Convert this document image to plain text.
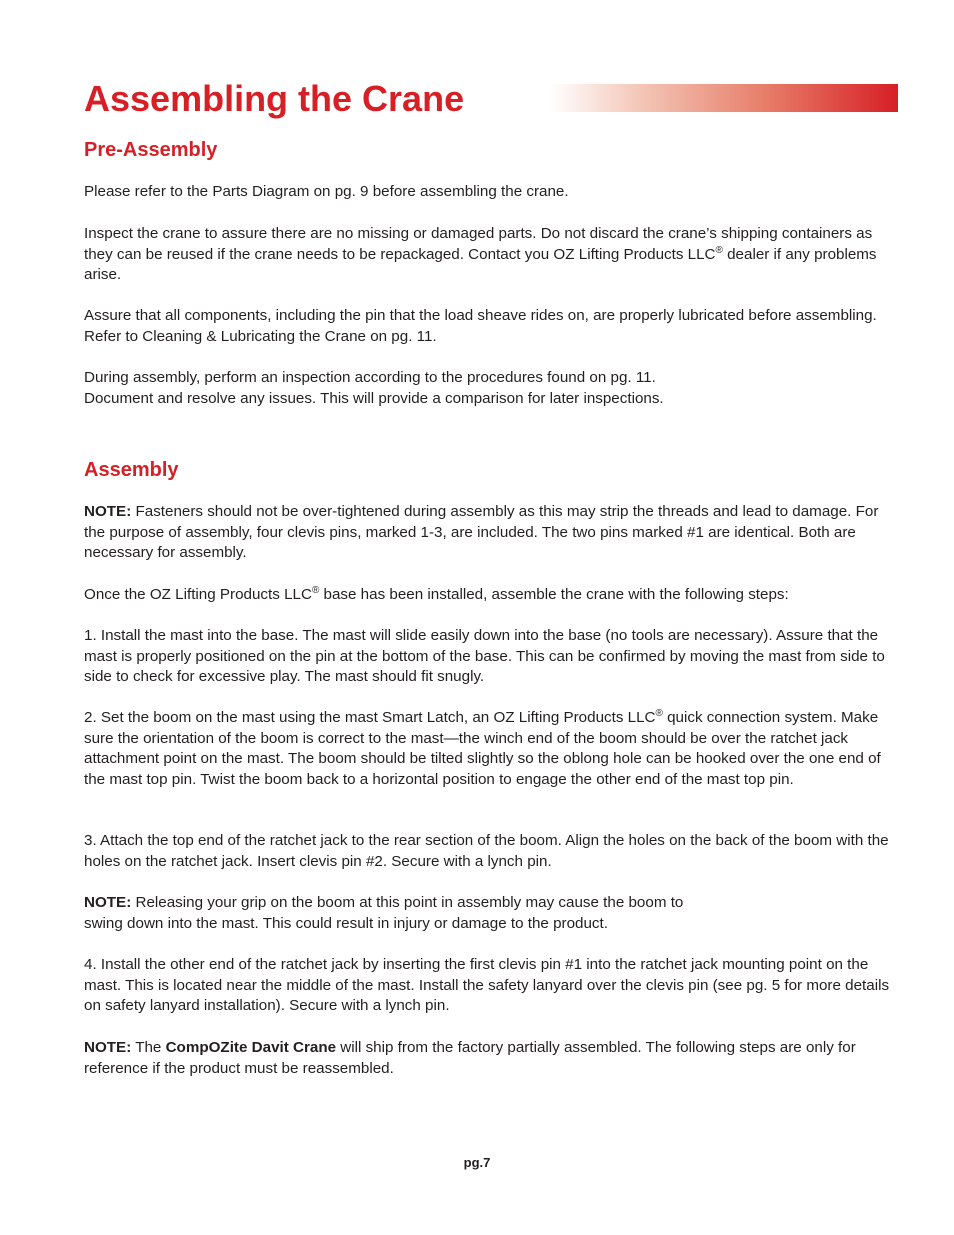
Assembling the Crane
Pre-Assembly

Please refer to the Parts Diagram on pg. 9 before assembling the crane.

Inspect the crane to assure there are no missing or damaged parts. Do not discard the crane’s shipping containers as they can be reused if the crane needs to be repackaged. Contact you OZ Lifting Products LLC® dealer if any problems arise.

Assure that all components, including the pin that the load sheave rides on, are properly lubricated before assembling. Refer to Cleaning & Lubricating the Crane on pg. 11.

During assembly, perform an inspection according to the procedures found on pg. 11.
Document and resolve any issues. This will provide a comparison for later inspections.

Assembly

NOTE: Fasteners should not be over-tightened during assembly as this may strip the threads and lead to damage. For the purpose of assembly, four clevis pins, marked 1-3, are included. The two pins marked #1 are identical. Both are necessary for assembly.

Once the OZ Lifting Products LLC® base has been installed, assemble the crane with the following steps:

1. Install the mast into the base. The mast will slide easily down into the base (no tools are necessary). Assure that the mast is properly positioned on the pin at the bottom of the base. This can be confirmed by moving the mast from side to side to check for excessive play. The mast should fit snugly.

2. Set the boom on the mast using the mast Smart Latch, an OZ Lifting Products LLC® quick connection system. Make sure the orientation of the boom is correct to the mast—the winch end of the boom should be over the ratchet jack attachment point on the mast. The boom should be tilted slightly so the oblong hole can be hooked over the one end of the mast top pin. Twist the boom back to a horizontal position to engage the other end of the mast top pin.

3. Attach the top end of the ratchet jack to the rear section of the boom. Align the holes on the back of the boom with the holes on the ratchet jack. Insert clevis pin #2. Secure with a lynch pin.

NOTE: Releasing your grip on the boom at this point in assembly may cause the boom to
swing down into the mast. This could result in injury or damage to the product.

4. Install the other end of the ratchet jack by inserting the first clevis pin #1 into the ratchet jack mounting point on the mast. This is located near the middle of the mast. Install the safety lanyard over the clevis pin (see pg. 5 for more details on safety lanyard installation). Secure with a lynch pin.

NOTE: The CompOZite Davit Crane will ship from the factory partially assembled. The following steps are only for reference if the product must be reassembled.

pg.7
